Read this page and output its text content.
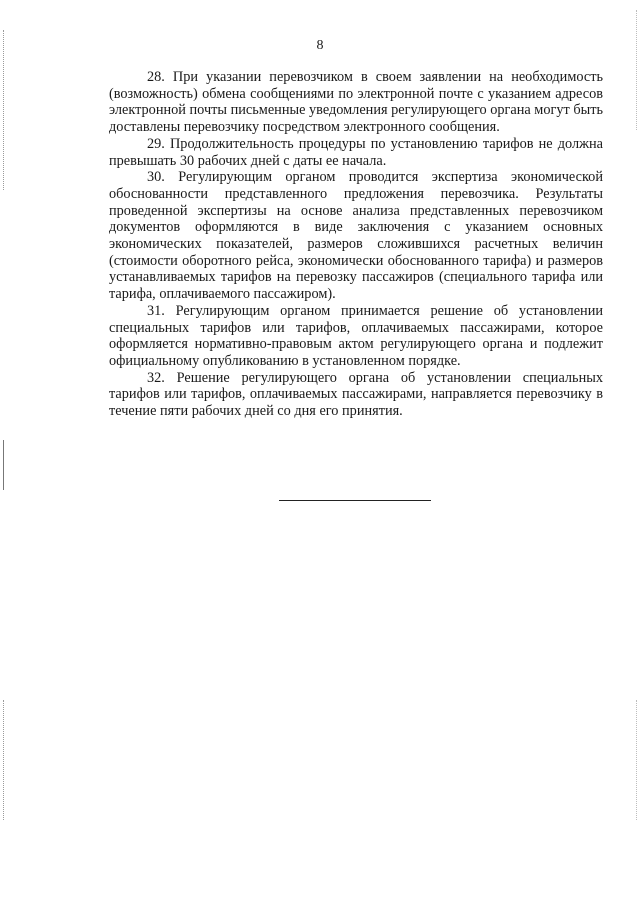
8

28. При указании перевозчиком в своем заявлении на необходимость (возможность) обмена сообщениями по электронной почте с указанием адресов электронной почты письменные уведомления регулирующего органа могут быть доставлены перевозчику посредством электронного сообщения.

29. Продолжительность процедуры по установлению тарифов не должна превышать 30 рабочих дней с даты ее начала.

30. Регулирующим органом проводится экспертиза экономической обоснованности представленного предложения перевозчика. Результаты проведенной экспертизы на основе анализа представленных перевозчиком документов оформляются в виде заключения с указанием основных экономических показателей, размеров сложившихся расчетных величин (стоимости оборотного рейса, экономически обоснованного тарифа) и размеров устанавливаемых тарифов на перевозку пассажиров (специального тарифа или тарифа, оплачиваемого пассажиром).

31. Регулирующим органом принимается решение об установлении специальных тарифов или тарифов, оплачиваемых пассажирами, которое оформляется нормативно-правовым актом регулирующего органа и подлежит официальному опубликованию в установленном порядке.

32. Решение регулирующего органа об установлении специальных тарифов или тарифов, оплачиваемых пассажирами, направляется перевозчику в течение пяти рабочих дней со дня его принятия.
